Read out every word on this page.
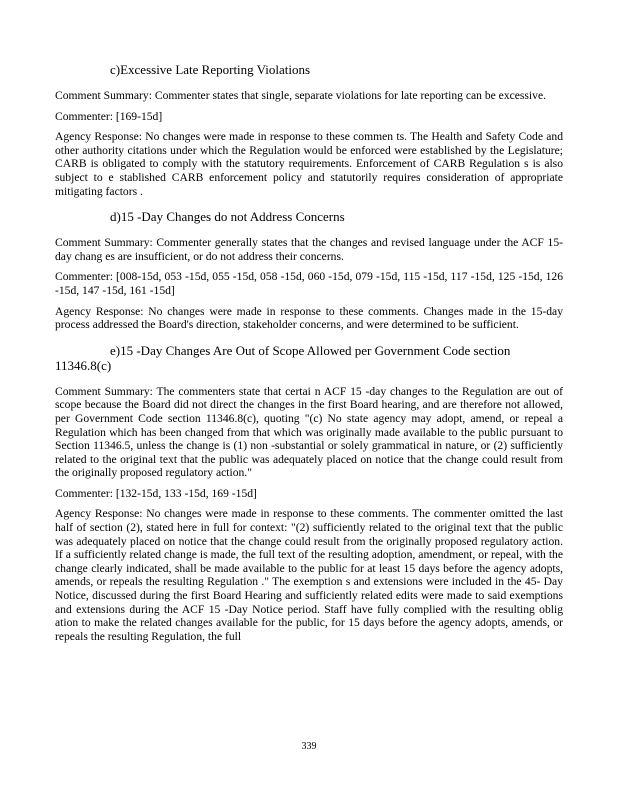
c)Excessive Late Reporting Violations

Comment Summary: Commenter states that single, separate violations for late reporting can be excessive.

Commenter: [169-15d]

Agency Response: No changes were made in response to these commen ts. The Health and Safety Code and other authority citations under which the Regulation would be enforced were established by the Legislature; CARB is obligated to comply with the statutory requirements. Enforcement of CARB Regulation s is also subject to e stablished CARB enforcement policy and statutorily requires consideration of appropriate mitigating factors .

d)15 -Day Changes do not Address Concerns

Comment Summary: Commenter generally states that the changes and revised language under the ACF 15-day chang es are insufficient, or do not address their concerns.

Commenter: [008-15d, 053 -15d, 055 -15d, 058 -15d, 060 -15d, 079 -15d, 115 -15d, 117 -15d, 125 -15d, 126 -15d, 147 -15d, 161 -15d]

Agency Response: No changes were made in response to these comments. Changes made in the 15-day process addressed the Board's direction, stakeholder concerns, and were determined to be sufficient.

e)15 -Day Changes Are Out of Scope Allowed per Government Code section 11346.8(c)

Comment Summary: The commenters state that certai n ACF 15 -day changes to the Regulation are out of scope because the Board did not direct the changes in the first Board hearing, and are therefore not allowed, per Government Code section 11346.8(c), quoting "(c) No state agency may adopt, amend, or repeal a Regulation which has been changed from that which was originally made available to the public pursuant to Section 11346.5, unless the change is (1) non -substantial or solely grammatical in nature, or (2) sufficiently related to the original text that the public was adequately placed on notice that the change could result from the originally proposed regulatory action."

Commenter: [132-15d, 133 -15d, 169 -15d]

Agency Response: No changes were made in response to these comments. The commenter omitted the last half of section (2), stated here in full for context: "(2) sufficiently related to the original text that the public was adequately placed on notice that the change could result from the originally proposed regulatory action. If a sufficiently related change is made, the full text of the resulting adoption, amendment, or repeal, with the change clearly indicated, shall be made available to the public for at least 15 days before the agency adopts, amends, or repeals the resulting Regulation ." The exemption s and extensions were included in the 45- Day Notice, discussed during the first Board Hearing and sufficiently related edits were made to said exemptions and extensions during the ACF 15 -Day Notice period. Staff have fully complied with the resulting oblig ation to make the related changes available for the public, for 15 days before the agency adopts, amends, or repeals the resulting Regulation, the full

339
